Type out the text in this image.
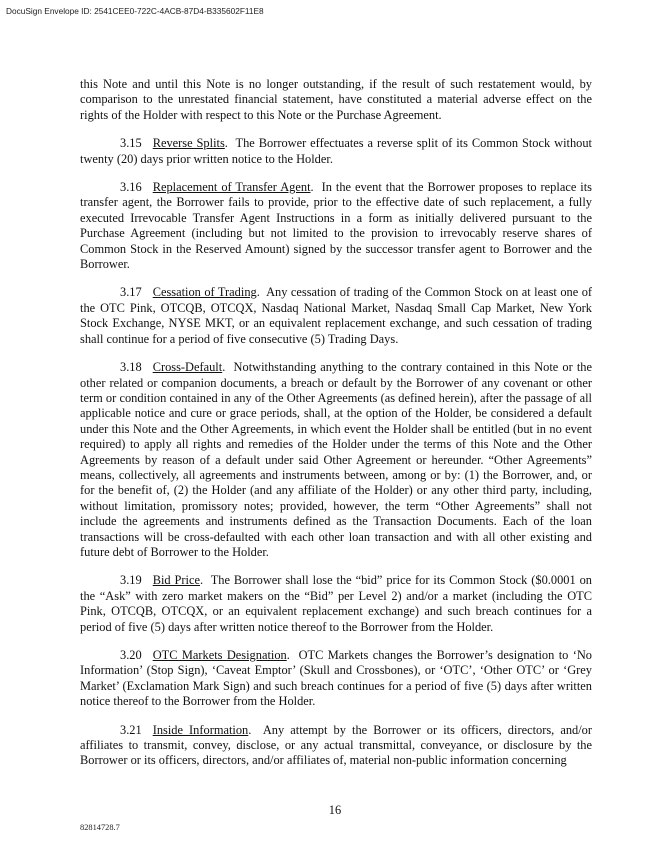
DocuSign Envelope ID: 2541CEE0-722C-4ACB-87D4-B335602F11E8

this Note and until this Note is no longer outstanding, if the result of such restatement would, by comparison to the unrestated financial statement, have constituted a material adverse effect on the rights of the Holder with respect to this Note or the Purchase Agreement.

3.15 Reverse Splits.  The Borrower effectuates a reverse split of its Common Stock without twenty (20) days prior written notice to the Holder.

3.16 Replacement of Transfer Agent.  In the event that the Borrower proposes to replace its transfer agent, the Borrower fails to provide, prior to the effective date of such replacement, a fully executed Irrevocable Transfer Agent Instructions in a form as initially delivered pursuant to the Purchase Agreement (including but not limited to the provision to irrevocably reserve shares of Common Stock in the Reserved Amount) signed by the successor transfer agent to Borrower and the Borrower.

3.17 Cessation of Trading.  Any cessation of trading of the Common Stock on at least one of the OTC Pink, OTCQB, OTCQX, Nasdaq National Market, Nasdaq Small Cap Market, New York Stock Exchange, NYSE MKT, or an equivalent replacement exchange, and such cessation of trading shall continue for a period of five consecutive (5) Trading Days.

3.18 Cross-Default.  Notwithstanding anything to the contrary contained in this Note or the other related or companion documents, a breach or default by the Borrower of any covenant or other term or condition contained in any of the Other Agreements (as defined herein), after the passage of all applicable notice and cure or grace periods, shall, at the option of the Holder, be considered a default under this Note and the Other Agreements, in which event the Holder shall be entitled (but in no event required) to apply all rights and remedies of the Holder under the terms of this Note and the Other Agreements by reason of a default under said Other Agreement or hereunder. “Other Agreements” means, collectively, all agreements and instruments between, among or by: (1) the Borrower, and, or for the benefit of, (2) the Holder (and any affiliate of the Holder) or any other third party, including, without limitation, promissory notes; provided, however, the term “Other Agreements” shall not include the agreements and instruments defined as the Transaction Documents. Each of the loan transactions will be cross-defaulted with each other loan transaction and with all other existing and future debt of Borrower to the Holder.

3.19 Bid Price.  The Borrower shall lose the “bid” price for its Common Stock ($0.0001 on the “Ask” with zero market makers on the “Bid” per Level 2) and/or a market (including the OTC Pink, OTCQB, OTCQX, or an equivalent replacement exchange) and such breach continues for a period of five (5) days after written notice thereof to the Borrower from the Holder.

3.20 OTC Markets Designation.  OTC Markets changes the Borrower’s designation to ‘No Information’ (Stop Sign), ‘Caveat Emptor’ (Skull and Crossbones), or ‘OTC’, ‘Other OTC’ or ‘Grey Market’ (Exclamation Mark Sign) and such breach continues for a period of five (5) days after written notice thereof to the Borrower from the Holder.

3.21 Inside Information.  Any attempt by the Borrower or its officers, directors, and/or affiliates to transmit, convey, disclose, or any actual transmittal, conveyance, or disclosure by the Borrower or its officers, directors, and/or affiliates of, material non-public information concerning

16
82814728.7
